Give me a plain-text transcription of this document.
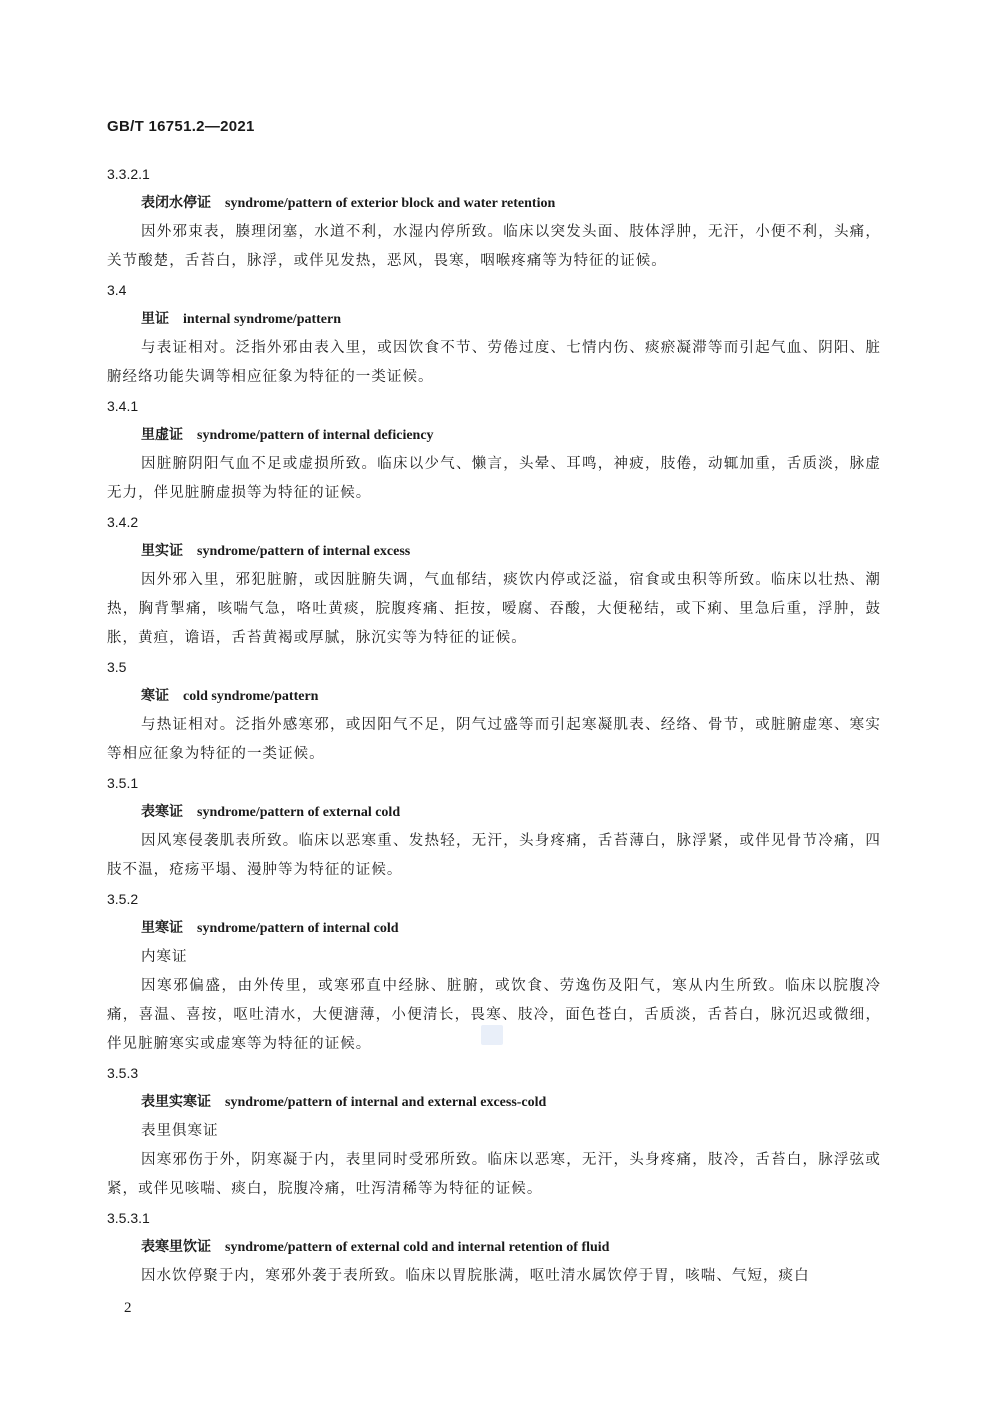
GB/T 16751.2—2021
3.3.2.1
表闭水停证 syndrome/pattern of exterior block and water retention
因外邪束表，腠理闭塞，水道不利，水湿内停所致。临床以突发头面、肢体浮肿，无汗，小便不利，头痛，关节酸楚，舌苔白，脉浮，或伴见发热，恶风，畏寒，咽喉疼痛等为特征的证候。
3.4
里证 internal syndrome/pattern
与表证相对。泛指外邪由表入里，或因饮食不节、劳倦过度、七情内伤、痰瘀凝滞等而引起气血、阴阳、脏腑经络功能失调等相应征象为特征的一类证候。
3.4.1
里虚证 syndrome/pattern of internal deficiency
因脏腑阴阳气血不足或虚损所致。临床以少气、懒言，头晕、耳鸣，神疲，肢倦，动辄加重，舌质淡，脉虚无力，伴见脏腑虚损等为特征的证候。
3.4.2
里实证 syndrome/pattern of internal excess
因外邪入里，邪犯脏腑，或因脏腑失调，气血郁结，痰饮内停或泛溢，宿食或虫积等所致。临床以壮热、潮热，胸背掣痛，咳喘气急，咯吐黄痰，脘腹疼痛、拒按，嗳腐、吞酸，大便秘结，或下痢、里急后重，浮肿，鼓胀，黄疸，谵语，舌苔黄褐或厚腻，脉沉实等为特征的证候。
3.5
寒证 cold syndrome/pattern
与热证相对。泛指外感寒邪，或因阳气不足，阴气过盛等而引起寒凝肌表、经络、骨节，或脏腑虚寒、寒实等相应征象为特征的一类证候。
3.5.1
表寒证 syndrome/pattern of external cold
因风寒侵袭肌表所致。临床以恶寒重、发热轻，无汗，头身疼痛，舌苔薄白，脉浮紧，或伴见骨节冷痛，四肢不温，疮疡平塌、漫肿等为特征的证候。
3.5.2
里寒证 syndrome/pattern of internal cold
内寒证
因寒邪偏盛，由外传里，或寒邪直中经脉、脏腑，或饮食、劳逸伤及阳气，寒从内生所致。临床以脘腹冷痛，喜温、喜按，呕吐清水，大便溏薄，小便清长，畏寒、肢冷，面色苍白，舌质淡，舌苔白，脉沉迟或微细，伴见脏腑寒实或虚寒等为特征的证候。
3.5.3
表里实寒证 syndrome/pattern of internal and external excess-cold
表里俱寒证
因寒邪伤于外，阴寒凝于内，表里同时受邪所致。临床以恶寒，无汗，头身疼痛，肢冷，舌苔白，脉浮弦或紧，或伴见咳喘、痰白，脘腹冷痛，吐泻清稀等为特征的证候。
3.5.3.1
表寒里饮证 syndrome/pattern of external cold and internal retention of fluid
因水饮停聚于内，寒邪外袭于表所致。临床以胃脘胀满，呕吐清水属饮停于胃，咳喘、气短，痰白
2
